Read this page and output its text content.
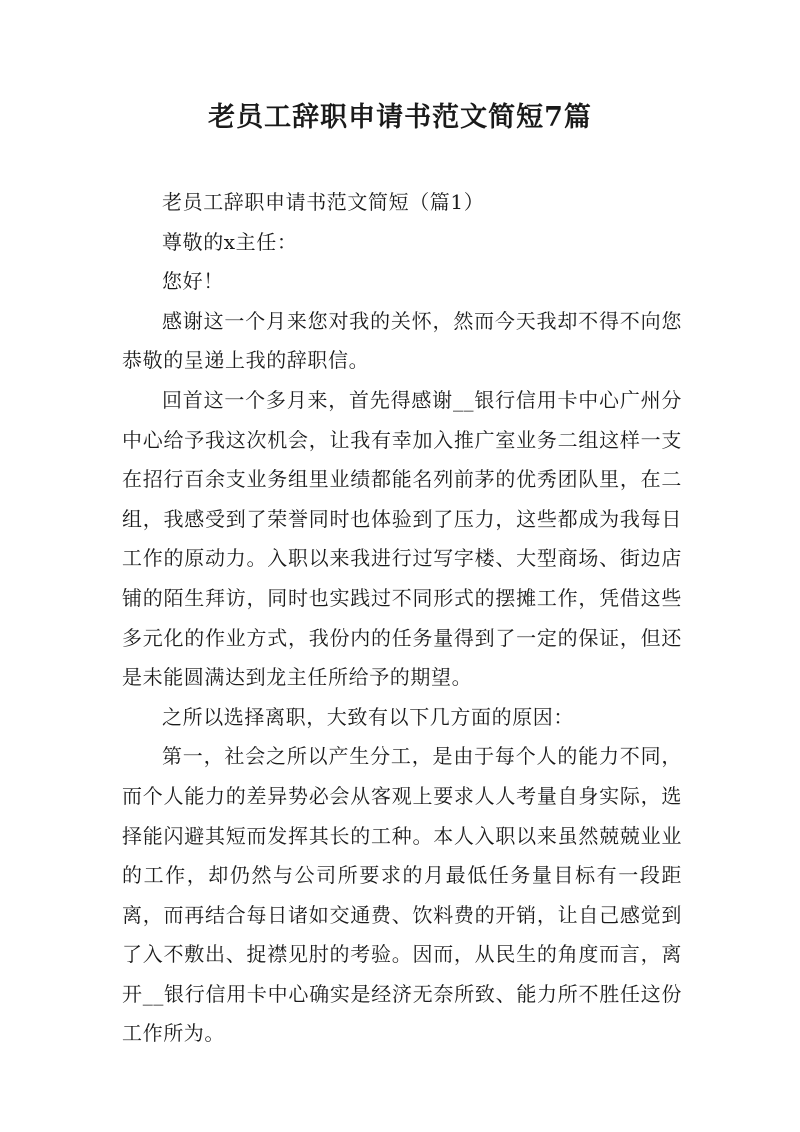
老员工辞职申请书范文简短7篇

老员工辞职申请书范文简短（篇1）

尊敬的x主任：

您好！

感谢这一个月来您对我的关怀，然而今天我却不得不向您恭敬的呈递上我的辞职信。

回首这一个多月来，首先得感谢__银行信用卡中心广州分中心给予我这次机会，让我有幸加入推广室业务二组这样一支在招行百余支业务组里业绩都能名列前茅的优秀团队里，在二组，我感受到了荣誉同时也体验到了压力，这些都成为我每日工作的原动力。入职以来我进行过写字楼、大型商场、街边店铺的陌生拜访，同时也实践过不同形式的摆摊工作，凭借这些多元化的作业方式，我份内的任务量得到了一定的保证，但还是未能圆满达到龙主任所给予的期望。

之所以选择离职，大致有以下几方面的原因：

第一，社会之所以产生分工，是由于每个人的能力不同，而个人能力的差异势必会从客观上要求人人考量自身实际，选择能闪避其短而发挥其长的工种。本人入职以来虽然兢兢业业的工作，却仍然与公司所要求的月最低任务量目标有一段距离，而再结合每日诸如交通费、饮料费的开销，让自己感觉到了入不敷出、捉襟见肘的考验。因而，从民生的角度而言，离开__银行信用卡中心确实是经济无奈所致、能力所不胜任这份工作所为。
